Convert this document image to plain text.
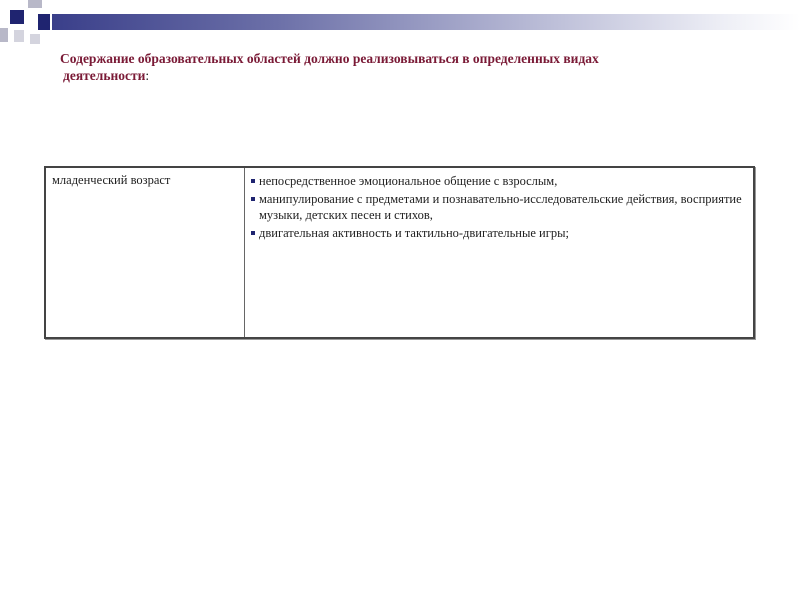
Содержание образовательных областей должно реализовываться в определенных видах
деятельности:
младенческий возраст	непосредственное эмоциональное общение с взрослым,
манипулирование с предметами и познавательно-исследовательские действия, восприятие музыки, детских песен и стихов,
двигательная активность и тактильно-двигательные игры;
